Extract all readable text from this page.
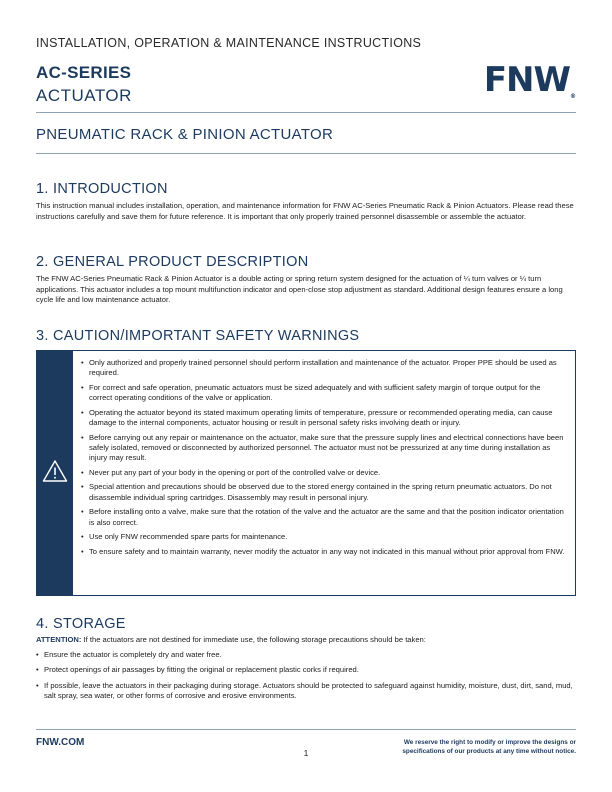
INSTALLATION, OPERATION & MAINTENANCE INSTRUCTIONS
AC-SERIES
ACTUATOR	FNW®
PNEUMATIC RACK & PINION ACTUATOR
1. INTRODUCTION
This instruction manual includes installation, operation, and maintenance information for FNW AC-Series Pneumatic Rack & Pinion Actuators. Please read these instructions carefully and save them for future reference. It is important that only properly trained personnel disassemble or assemble the actuator.
2. GENERAL PRODUCT DESCRIPTION
The FNW AC-Series Pneumatic Rack & Pinion Actuator is a double acting or spring return system designed for the actuation of ¼ turn valves or ¼ turn applications. This actuator includes a top mount multifunction indicator and open-close stop adjustment as standard. Additional design features ensure a long cycle life and low maintenance actuator.
3. CAUTION/IMPORTANT SAFETY WARNINGS
• Only authorized and properly trained personnel should perform installation and maintenance of the actuator. Proper PPE should be used as required.
• For correct and safe operation, pneumatic actuators must be sized adequately and with sufficient safety margin of torque output for the correct operating conditions of the valve or application.
• Operating the actuator beyond its stated maximum operating limits of temperature, pressure or recommended operating media, can cause damage to the internal components, actuator housing or result in personal safety risks involving death or injury.
• Before carrying out any repair or maintenance on the actuator, make sure that the pressure supply lines and electrical connections have been safely isolated, removed or disconnected by authorized personnel. The actuator must not be pressurized at any time during installation as injury may result.
• Never put any part of your body in the opening or port of the controlled valve or device.
• Special attention and precautions should be observed due to the stored energy contained in the spring return pneumatic actuators. Do not disassemble individual spring cartridges. Disassembly may result in personal injury.
• Before installing onto a valve, make sure that the rotation of the valve and the actuator are the same and that the position indicator orientation is also correct.
• Use only FNW recommended spare parts for maintenance.
• To ensure safety and to maintain warranty, never modify the actuator in any way not indicated in this manual without prior approval from FNW.
4. STORAGE
ATTENTION: If the actuators are not destined for immediate use, the following storage precautions should be taken:
• Ensure the actuator is completely dry and water free.
• Protect openings of air passages by fitting the original or replacement plastic corks if required.
• If possible, leave the actuators in their packaging during storage. Actuators should be protected to safeguard against humidity, moisture, dust, dirt, sand, mud, salt spray, sea water, or other forms of corrosive and erosive environments.
FNW.COM
1
We reserve the right to modify or improve the designs or specifications of our products at any time without notice.
